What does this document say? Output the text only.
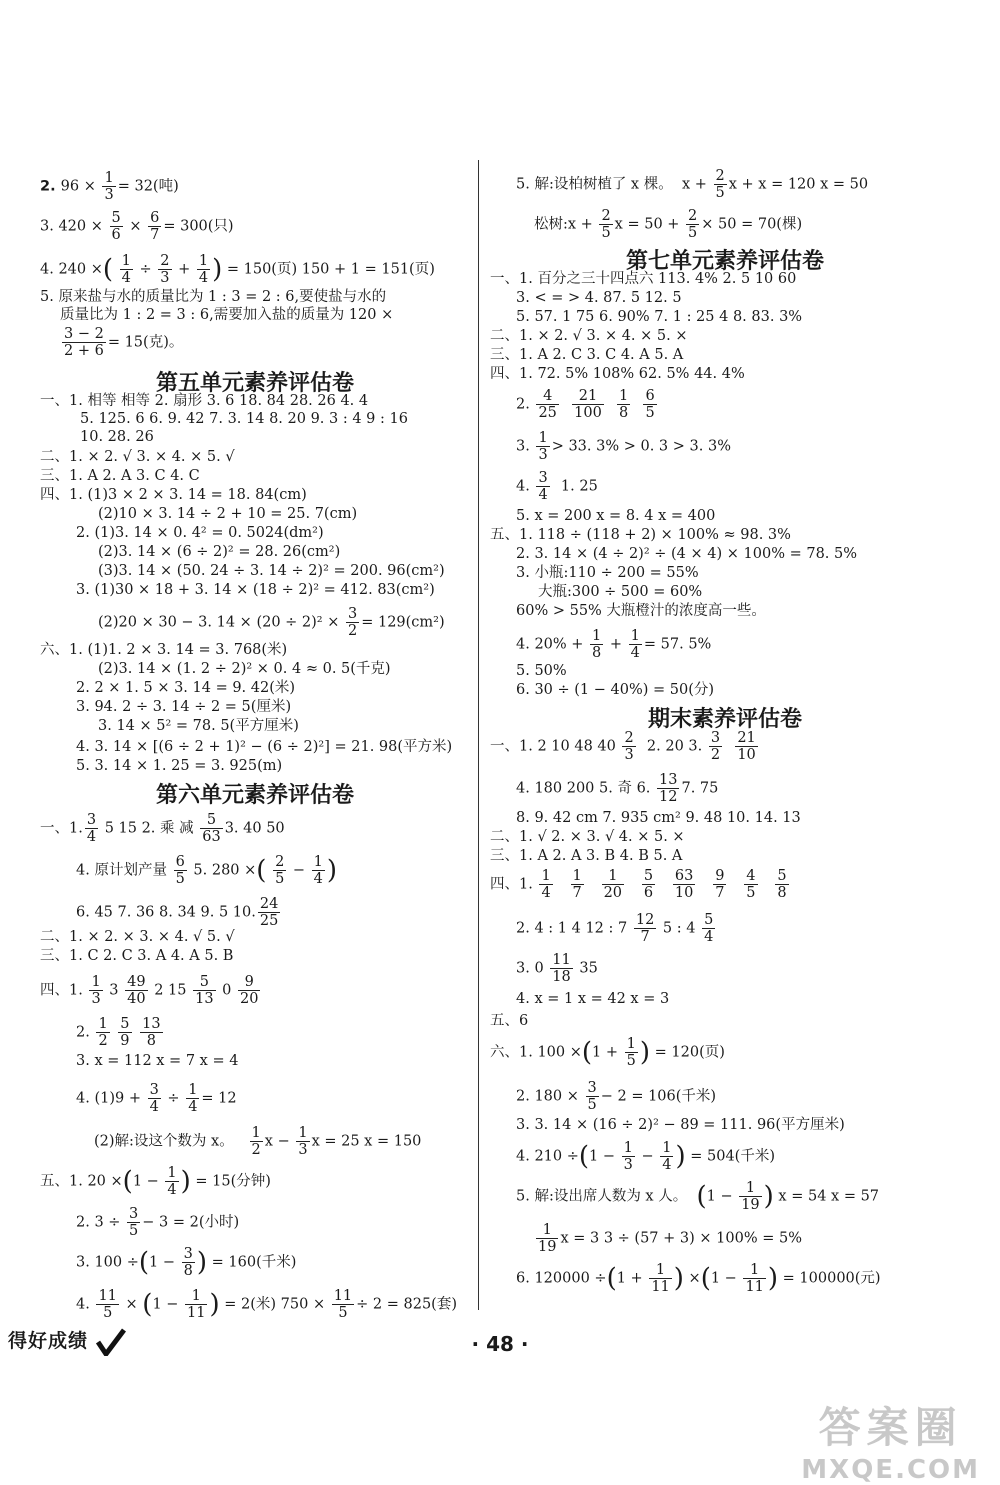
2. $96 \times \frac{1}{3} = 32$(吨)
3. $420 \times \frac{5}{6} \times \frac{6}{7} = 300$(只)
4. 240 ×( $\frac{1}{4} \div \frac{2}{3} + \frac{1}{4}$ ) = 150(页) 150 + 1 = 151(页)
5. 原来盐与水的质量比为 1 : 3 = 2 : 6,要使盐与水的
质量比为 1 : 2 = 3 : 6,需要加入盐的质量为 120 ×
$\frac{3 - 2}{2 + 6} = 15$(克)。
第五单元素养评估卷
一、1. 相等 相等 2. 扇形 3. 6 18. 84 28. 26 4. 4
5. 125. 6 6. 9. 42 7. 3. 14 8. 20 9. 3 : 4 9 : 16
10. 28. 26
二、1. × 2. √ 3. × 4. × 5. √
三、1. A 2. A 3. C 4. C
四、1. (1)3 × 2 × 3. 14 = 18. 84(cm)
(2)10 × 3. 14 ÷ 2 + 10 = 25. 7(cm)
2. (1)3. 14 × 0. 4² = 0. 5024(dm²)
(2)3. 14 × (6 ÷ 2)² = 28. 26(cm²)
(3)3. 14 × (50. 24 ÷ 3. 14 ÷ 2)² = 200. 96(cm²)
3. (1)30 × 18 + 3. 14 × (18 ÷ 2)² = 412. 83(cm²)
(2)20 × 30 − 3. $14 \times (20 \div 2)^2 \times \frac{3}{2} = 129(cm^2)$
六、1. (1)1. 2 × 3. 14 = 3. 768(米)
(2)3. 14 × (1. 2 ÷ 2)² × 0. 4 ≈ 0. 5(千克)
2. 2 × 1. 5 × 3. 14 = 9. 42(米)
3. 94. 2 ÷ 3. 14 ÷ 2 = 5(厘米)
3. 14 × 5² = 78. 5(平方厘米)
4. 3. 14 × [(6 ÷ 2 + 1)² − (6 ÷ 2)²] = 21. 98(平方米)
5. 3. 14 × 1. 25 = 3. 925(m)
第六单元素养评估卷
一、1. $\frac{3}{4} 5$ 15 2. 乘 减 $\frac{5}{63} 3$. 40 50
4. 原计划产量 $\frac{6}{5} 5$. 280 ×( $\frac{2}{5} - \frac{1}{4}$ )
6. 45 7. 36 8. 34 9. 5 10. $\frac{24}{25}$
二、1. × 2. × 3. × 4. √ 5. √
三、1. C 2. C 3. A 4. A 5. B
四、1. $\frac{1}{3} 3 \frac{49}{40} 2$ $15 \frac{5}{13} 0 \frac{9}{20}$
2. $\frac{1}{2}$
$\frac{5}{9}$
$\frac{13}{8}$
3. x = 112 x = 7 x = 4
4. $(1)9 + \frac{3}{4} \div \frac{1}{4} = 12$
(2)解:设这个数为 x。 $\frac{1}{2}$ $x - \frac{1}{3}$ x = 25 x = 150
五、1. $20 \times(1 - \frac{1}{4}$ ) = 15(分钟)
2. $3 \div \frac{3}{5} - 3 = 2$(小时)
3. $100 \div(1 - \frac{3}{8}$ ) = 160(千米)
4. $\frac{11}{5} \times (1 - \frac{1}{11}$ ) = 2(米) $750 \times \frac{11}{5} \div 2 = 825$(套)
5. 解:设柏树植了 x 棵。 $x + \frac{2}{5}$ x + x = 120 x = 50
松树:x + $\frac{2}{5}$ $x = 50 + \frac{2}{5} \times 50 = 70$(棵)
第七单元素养评估卷
一、1. 百分之三十四点六 113. 4% 2. 5 10 60
3. < = > 4. 87. 5 12. 5
5. 57. 1 75 6. 90% 7. 1 : 25 4 8. 83. 3%
二、1. × 2. √ 3. × 4. × 5. ×
三、1. A 2. C 3. C 4. A 5. A
四、1. 72. 5% 108% 62. 5% 44. 4%
2. $\frac{4}{25}$
$\frac{21}{100}$
$\frac{1}{8}$
$\frac{6}{5}$
3. $\frac{1}{3} > 33$. 3% > 0. 3 > 3. 3%
4. $\frac{3}{4} 1$. 25
5. x = 200 x = 8. 4 x = 400
五、1. 118 ÷ (118 + 2) × 100% ≈ 98. 3%
2. 3. 14 × (4 ÷ 2)² ÷ (4 × 4) × 100% = 78. 5%
3. 小瓶:110 ÷ 200 = 55%
大瓶:300 ÷ 500 = 60%
60% > 55% 大瓶橙汁的浓度高一些。
4. $20\% + \frac{1}{8} + \frac{1}{4} = 57$. 5%
5. 50%
6. 30 ÷ (1 − 40%) = 50(分)
期末素养评估卷
一、1. 2 10 48 $40 \frac{2}{3} 2$. 20 3. $\frac{3}{2}$
$\frac{21}{10}$
4. 180 200 5. 奇 6. $\frac{13}{12} 7$. 75
8. 9. 42 cm 7. 935 cm² 9. 48 10. 14. 13
二、1. √ 2. × 3. √ 4. × 5. ×
三、1. A 2. A 3. B 4. B 5. A
四、1. $\frac{1}{4}$
$\frac{1}{7}$
$\frac{1}{20}$
$\frac{5}{6}$
$\frac{63}{10}$
$\frac{9}{7}$
$\frac{4}{5}$
$\frac{5}{8}$
2. 4 : 1 4 12 : $7 \frac{12}{7} 5$ : $4 \frac{5}{4}$
3. $0 \frac{11}{18} 35$
4. x = 1 x = 42 x = 3
五、6
六、1. $100 \times(1 + \frac{1}{5}$ ) = 120(页)
2. $180 \times \frac{3}{5} - 2 = 106$(千米)
3. 3. 14 × (16 ÷ 2)² − 89 = 111. 96(平方厘米)
4. $210 \div(1 - \frac{1}{3} - \frac{1}{4}$ ) = 504(千米)
5. 解:设出席人数为 x 人。 ($1 - \frac{1}{19}$ ) x = 54 x = 57
$\frac{1}{19}$ x = 3 3 ÷ (57 + 3) × 100% = 5%
6. $120000 \div(1 + \frac{1}{11}$ ) $\times(1 - \frac{1}{11}$ ) = 100000(元)
得好成绩	· 48 ·
答案圈
MXQE.COM
